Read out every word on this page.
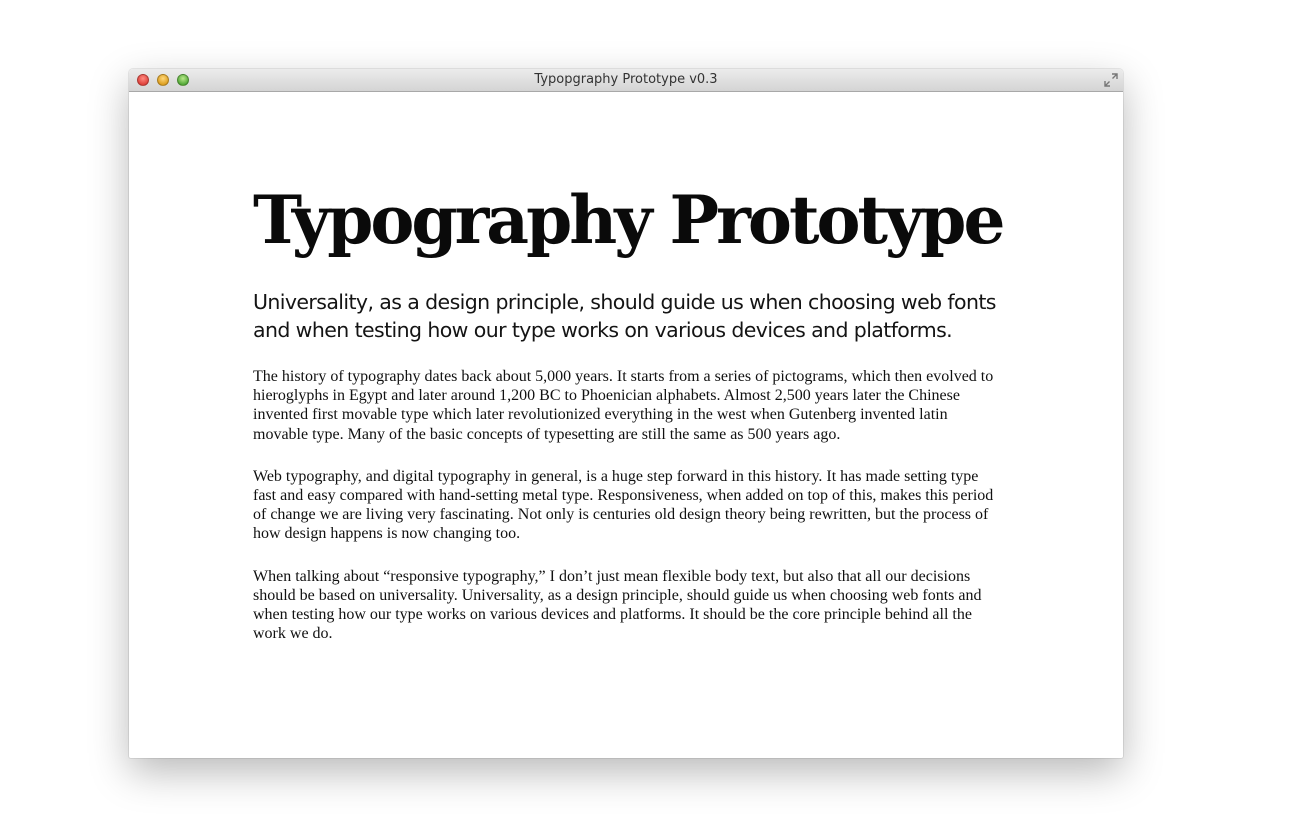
Typopgraphy Prototype v0.3
Typography Prototype

Universality, as a design principle, should guide us when choosing web fonts and when testing how our type works on various devices and platforms.

The history of typography dates back about 5,000 years. It starts from a series of pictograms, which then evolved to hieroglyphs in Egypt and later around 1,200 BC to Phoenician alphabets. Almost 2,500 years later the Chinese invented first movable type which later revolutionized everything in the west when Gutenberg invented latin movable type. Many of the basic concepts of typesetting are still the same as 500 years ago.

Web typography, and digital typography in general, is a huge step forward in this history. It has made setting type fast and easy compared with hand-setting metal type. Responsiveness, when added on top of this, makes this period of change we are living very fascinating. Not only is centuries old design theory being rewritten, but the process of how design happens is now changing too.

When talking about “responsive typography,” I don’t just mean flexible body text, but also that all our decisions should be based on universality. Universality, as a design principle, should guide us when choosing web fonts and when testing how our type works on various devices and platforms. It should be the core principle behind all the work we do.
